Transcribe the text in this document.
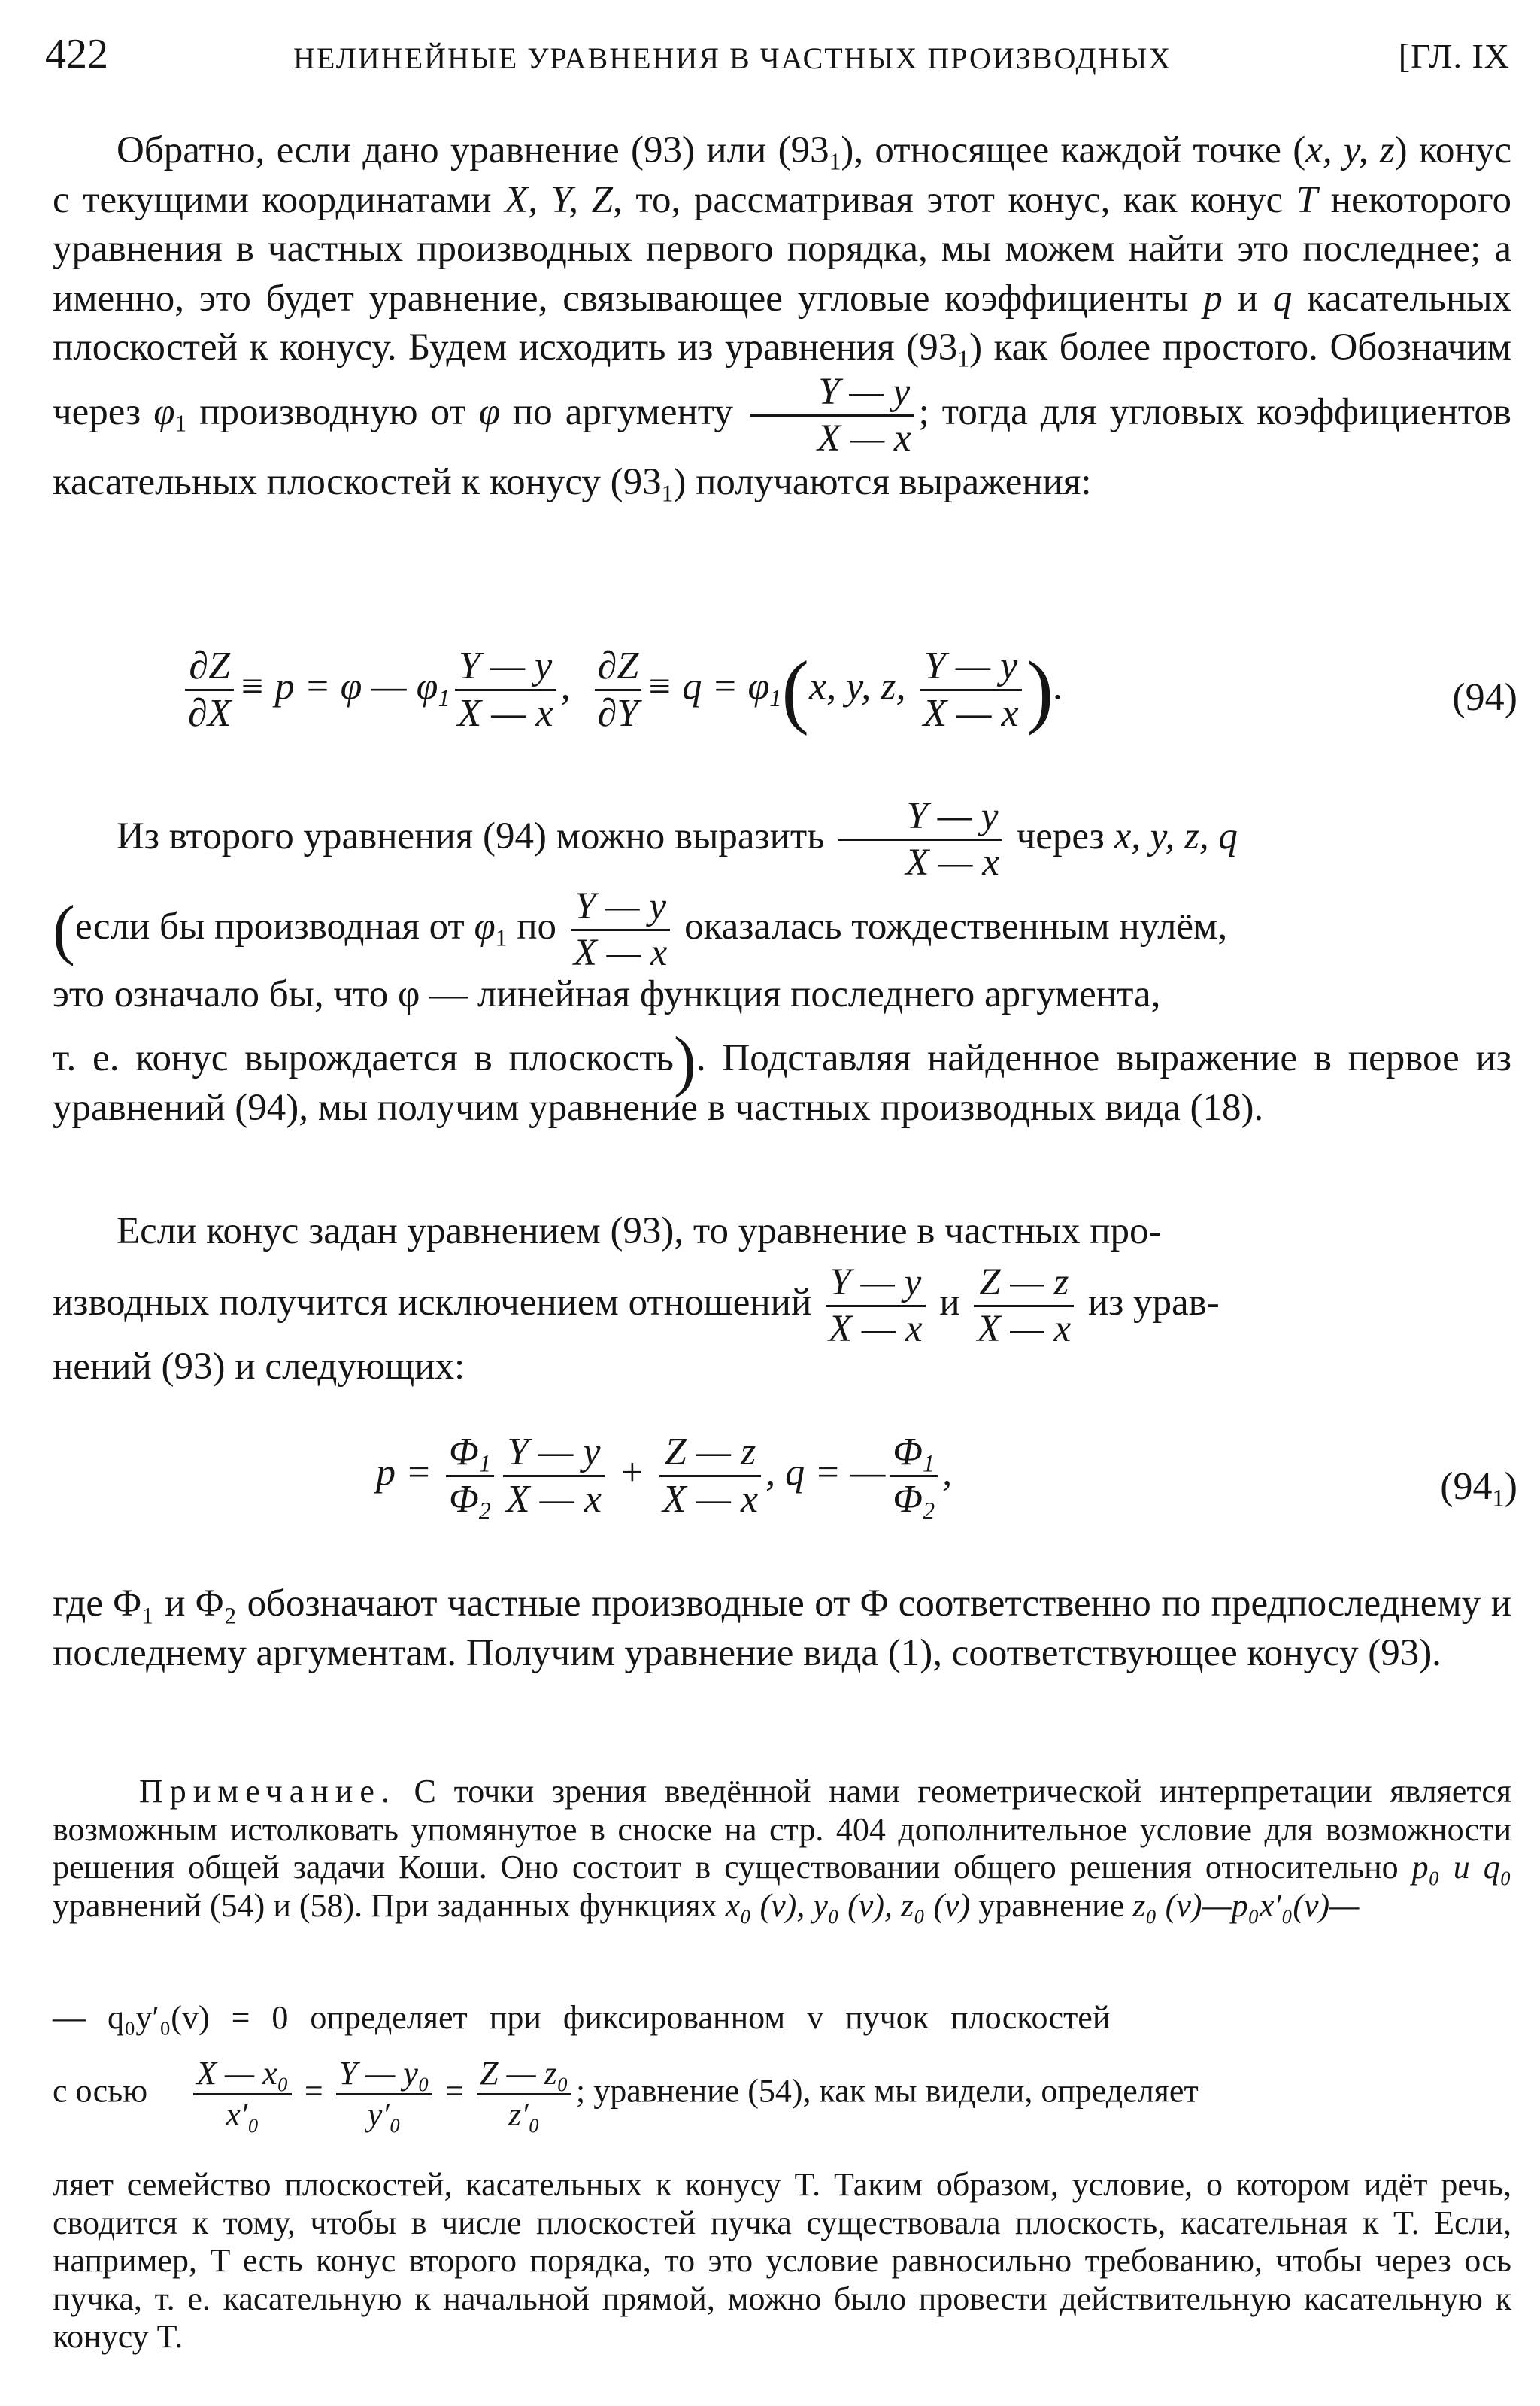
422	НЕЛИНЕЙНЫЕ УРАВНЕНИЯ В ЧАСТНЫХ ПРОИЗВОДНЫХ	[ГЛ. IX

Обратно, если дано уравнение (93) или $(93_1)$, относящее каждой точке (x, y, z) конус с текущими координатами X, Y, Z, то, рассматривая этот конус, как конус T некоторого уравнения в частных производных первого порядка, мы можем найти это последнее; а именно, это будет уравнение, связывающее угловые коэффициенты p и q касательных плоскостей к конусу. Будем исходить из уравнения $(93_1)$ как более простого. Обозначим через $\varphi_1$ производную от φ по аргументу $\frac{Y — y}{X — x}$ ; тогда для угловых коэффициентов касательных плоскостей к конусу $(93_1)$ получаются выражения:

$\frac{\partial Z}{\partial X} \equiv p = \varphi$ — $\varphi_1 \frac{Y — y}{X — x}$ , $\frac{\partial Z}{\partial Y} \equiv q = \varphi_1(x$, y, z, $\frac{Y — y}{X — x}$ ).	(94)
Из второго уравнения (94) можно выразить $\frac{Y — y}{X — x}$ через x, y, z, q
(если бы производная от $\varphi_1$ по $\frac{Y — y}{X — x}$ оказалась тождественным нулём,
это означало бы, что φ — линейная функция последнего аргумента,

т. е. конус вырождается в плоскость). Подставляя найденное выражение в первое из уравнений (94), мы получим уравнение в частных производных вида (18).

Если конус задан уравнением (93), то уравнение в частных про-
изводных получится исключением отношений $\frac{Y — y}{X — x}$ и $\frac{Z — z}{X — x}$ из урав-
нений (93) и следующих:
$p = \frac{\Phi_1}{\Phi_2} \frac{Y — y}{X — x} + \frac{Z — z}{X — x}$ , q = — $\frac{\Phi_1}{\Phi_2}$ ,	$(94_1)$

где Φ₁ и Φ₂ обозначают частные производные от Φ соответственно по предпоследнему и последнему аргументам. Получим уравнение вида (1), соответствующее конусу (93).

Примечание. С точки зрения введённой нами геометрической интерпретации является возможным истолковать упомянутое в сноске на стр. 404 дополнительное условие для возможности решения общей задачи Коши. Оно состоит в существовании общего решения относительно p₀ и q₀ уравнений (54) и (58). При заданных функциях x₀ (v), y₀ (v), z₀ (v) уравнение z₀ (v)—p₀x′₀(v)—

— q₀y′₀(v) = 0 определяет при фиксированном v пучок плоскостей
с осью $\frac{\text{X — x₀}}{\text{x′₀}} = \frac{\text{Y — y₀}}{\text{y′₀}} = \frac{\text{Z — z₀}}{\text{z′₀}}$ ; уравнение (54), как мы видели, определяет

ляет семейство плоскостей, касательных к конусу T. Таким образом, условие, о котором идёт речь, сводится к тому, чтобы в числе плоскостей пучка существовала плоскость, касательная к T. Если, например, T есть конус второго порядка, то это условие равносильно требованию, чтобы через ось пучка, т. е. касательную к начальной прямой, можно было провести действительную касательную к конусу T.
